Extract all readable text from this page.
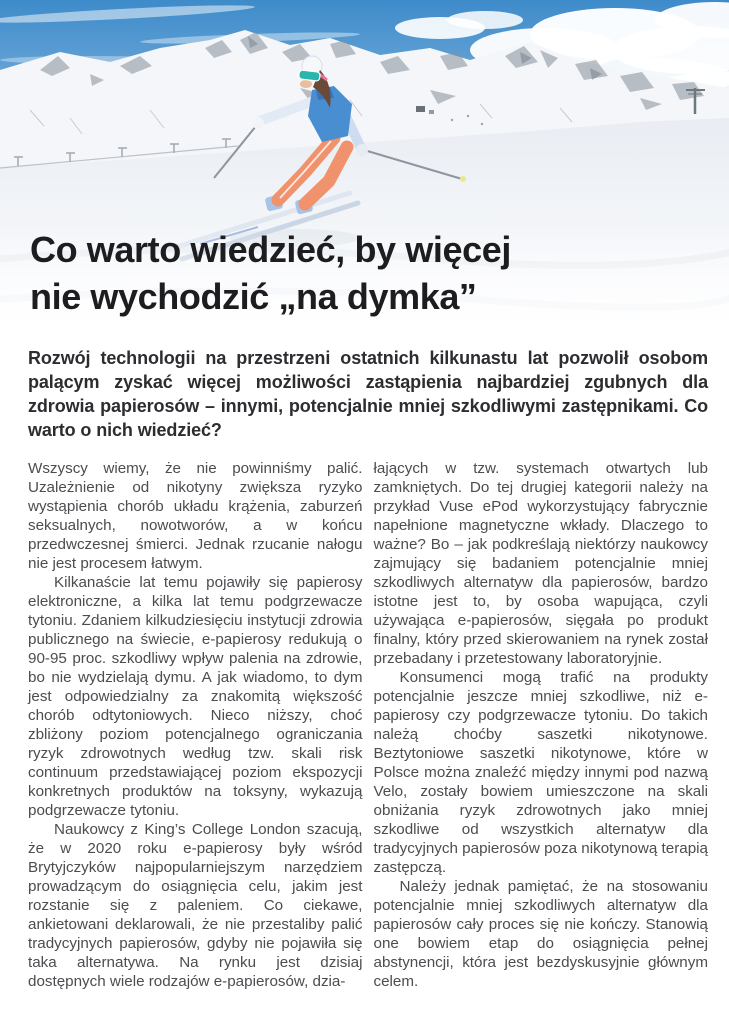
Co warto wiedzieć, by więcej
nie wychodzić „na dymka”

Rozwój technologii na przestrzeni ostatnich kilkunastu lat pozwolił osobom palącym zyskać więcej możliwości zastąpienia najbardziej zgubnych dla zdrowia papierosów – innymi, potencjalnie mniej szkodliwymi zastępnikami. Co warto o nich wiedzieć?

Wszyscy wiemy, że nie powinniśmy palić. Uzależnienie od nikotyny zwiększa ryzyko wystąpienia chorób układu krążenia, zaburzeń seksualnych, nowotworów, a w końcu przedwczesnej śmierci. Jednak rzucanie nałogu nie jest procesem łatwym.

Kilkanaście lat temu pojawiły się papierosy elektroniczne, a kilka lat temu podgrzewacze tytoniu. Zdaniem kilkudziesięciu instytucji zdrowia publicznego na świecie, e-papierosy redukują o 90-95 proc. szkodliwy wpływ palenia na zdrowie, bo nie wydzielają dymu. A jak wiadomo, to dym jest odpowiedzialny za znakomitą większość chorób odtytoniowych. Nieco niższy, choć zbliżony poziom potencjalnego ograniczania ryzyk zdrowotnych według tzw. skali risk continuum przedstawiającej poziom ekspozycji konkretnych produktów na toksyny, wykazują podgrzewacze tytoniu.

Naukowcy z King’s College London szacują, że w 2020 roku e-papierosy były wśród Brytyjczyków najpopularniejszym narzędziem prowadzącym do osiągnięcia celu, jakim jest rozstanie się z paleniem. Co ciekawe, ankietowani deklarowali, że nie przestaliby palić tradycyjnych papierosów, gdyby nie pojawiła się taka alternatywa. Na rynku jest dzisiaj dostępnych wiele rodzajów e-papierosów, dzia-

łających w tzw. systemach otwartych lub zamkniętych. Do tej drugiej kategorii należy na przykład Vuse ePod wykorzystujący fabrycznie napełnione magnetyczne wkłady. Dlaczego to ważne? Bo – jak podkreślają niektórzy naukowcy zajmujący się badaniem potencjalnie mniej szkodliwych alternatyw dla papierosów, bardzo istotne jest to, by osoba wapująca, czyli używająca e-papierosów, sięgała po produkt finalny, który przed skierowaniem na rynek został przebadany i przetestowany laboratoryjnie.

Konsumenci mogą trafić na produkty potencjalnie jeszcze mniej szkodliwe, niż e-papierosy czy podgrzewacze tytoniu. Do takich należą choćby saszetki nikotynowe. Beztytoniowe saszetki nikotynowe, które w Polsce można znaleźć między innymi pod nazwą Velo, zostały bowiem umieszczone na skali obniżania ryzyk zdrowotnych jako mniej szkodliwe od wszystkich alternatyw dla tradycyjnych papierosów poza nikotynową terapią zastępczą.

Należy jednak pamiętać, że na stosowaniu potencjalnie mniej szkodliwych alternatyw dla papierosów cały proces się nie kończy. Stanowią one bowiem etap do osiągnięcia pełnej abstynencji, która jest bezdyskusyjnie głównym celem.
